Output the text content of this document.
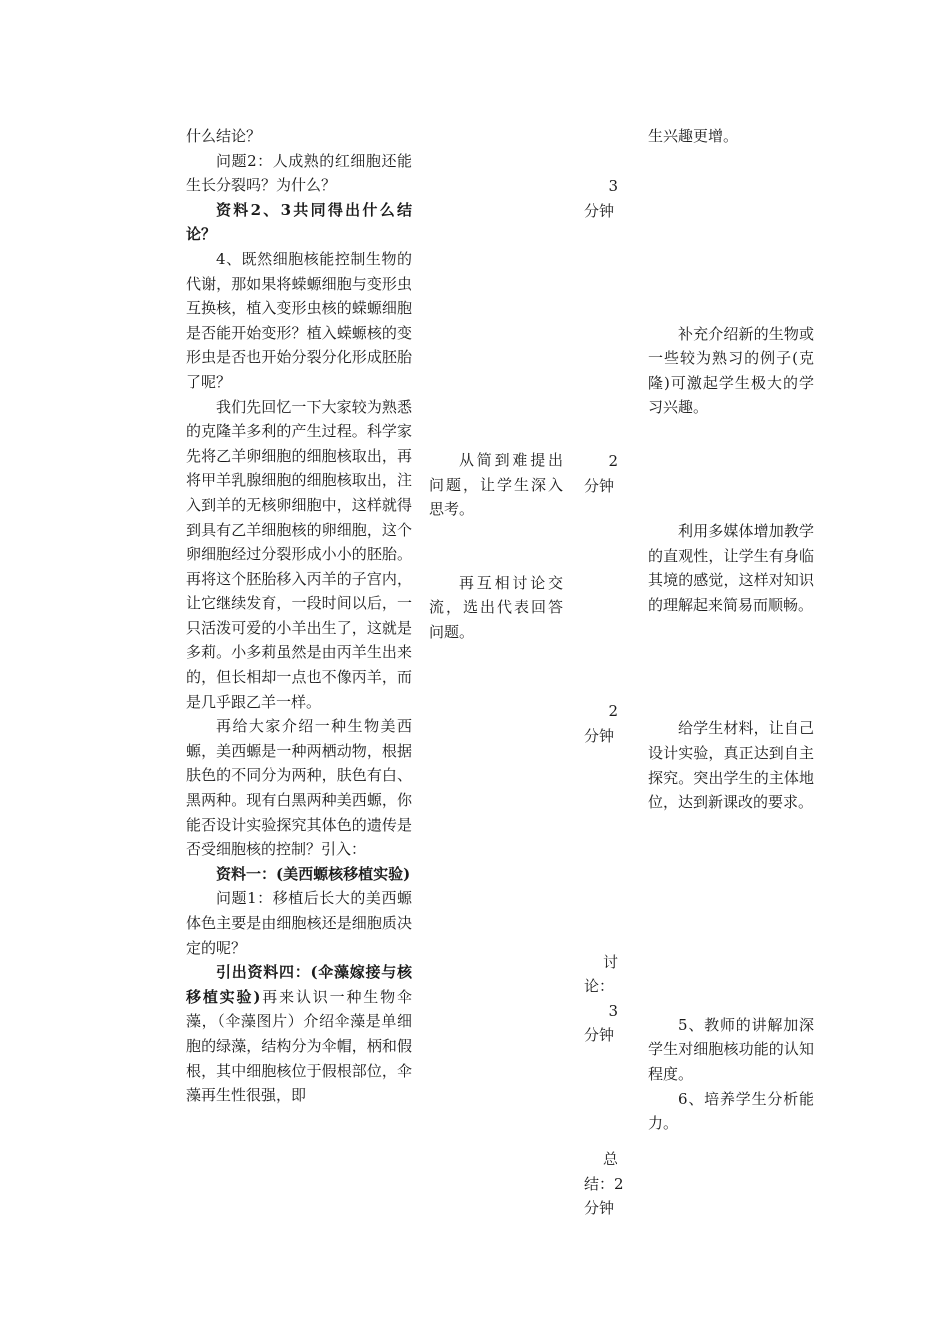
什么结论？

问题2：人成熟的红细胞还能生长分裂吗？为什么？

资料2、3共同得出什么结论？

4、既然细胞核能控制生物的代谢，那如果将蝾螈细胞与变形虫互换核，植入变形虫核的蝾螈细胞是否能开始变形？植入蝾螈核的变形虫是否也开始分裂分化形成胚胎了呢？

我们先回忆一下大家较为熟悉的克隆羊多利的产生过程。科学家先将乙羊卵细胞的细胞核取出，再将甲羊乳腺细胞的细胞核取出，注入到羊的无核卵细胞中，这样就得到具有乙羊细胞核的卵细胞，这个卵细胞经过分裂形成小小的胚胎。再将这个胚胎移入丙羊的子宫内，让它继续发育，一段时间以后，一只活泼可爱的小羊出生了，这就是多莉。小多莉虽然是由丙羊生出来的，但长相却一点也不像丙羊，而是几乎跟乙羊一样。

再给大家介绍一种生物美西螈，美西螈是一种两栖动物，根据肤色的不同分为两种，肤色有白、黑两种。现有白黑两种美西螈，你能否设计实验探究其体色的遗传是否受细胞核的控制？引入：

资料一：(美西螈核移植实验)

问题1：移植后长大的美西螈体色主要是由细胞核还是细胞质决定的呢？

引出资料四：(伞藻嫁接与核移植实验)再来认识一种生物伞藻，（伞藻图片）介绍伞藻是单细胞的绿藻，结构分为伞帽，柄和假根，其中细胞核位于假根部位，伞藻再生性很强，即

从简到难提出问题，让学生深入思考。

再互相讨论交流，选出代表回答问题。

3

分钟

2

分钟

2

分钟

讨

论：

3

分钟

总

结：2

分钟

生兴趣更增。

补充介绍新的生物或一些较为熟习的例子(克隆)可激起学生极大的学习兴趣。

利用多媒体增加教学的直观性，让学生有身临其境的感觉，这样对知识的理解起来简易而顺畅。

给学生材料，让自己设计实验，真正达到自主探究。突出学生的主体地位，达到新课改的要求。

5、教师的讲解加深学生对细胞核功能的认知程度。

6、培养学生分析能力。
